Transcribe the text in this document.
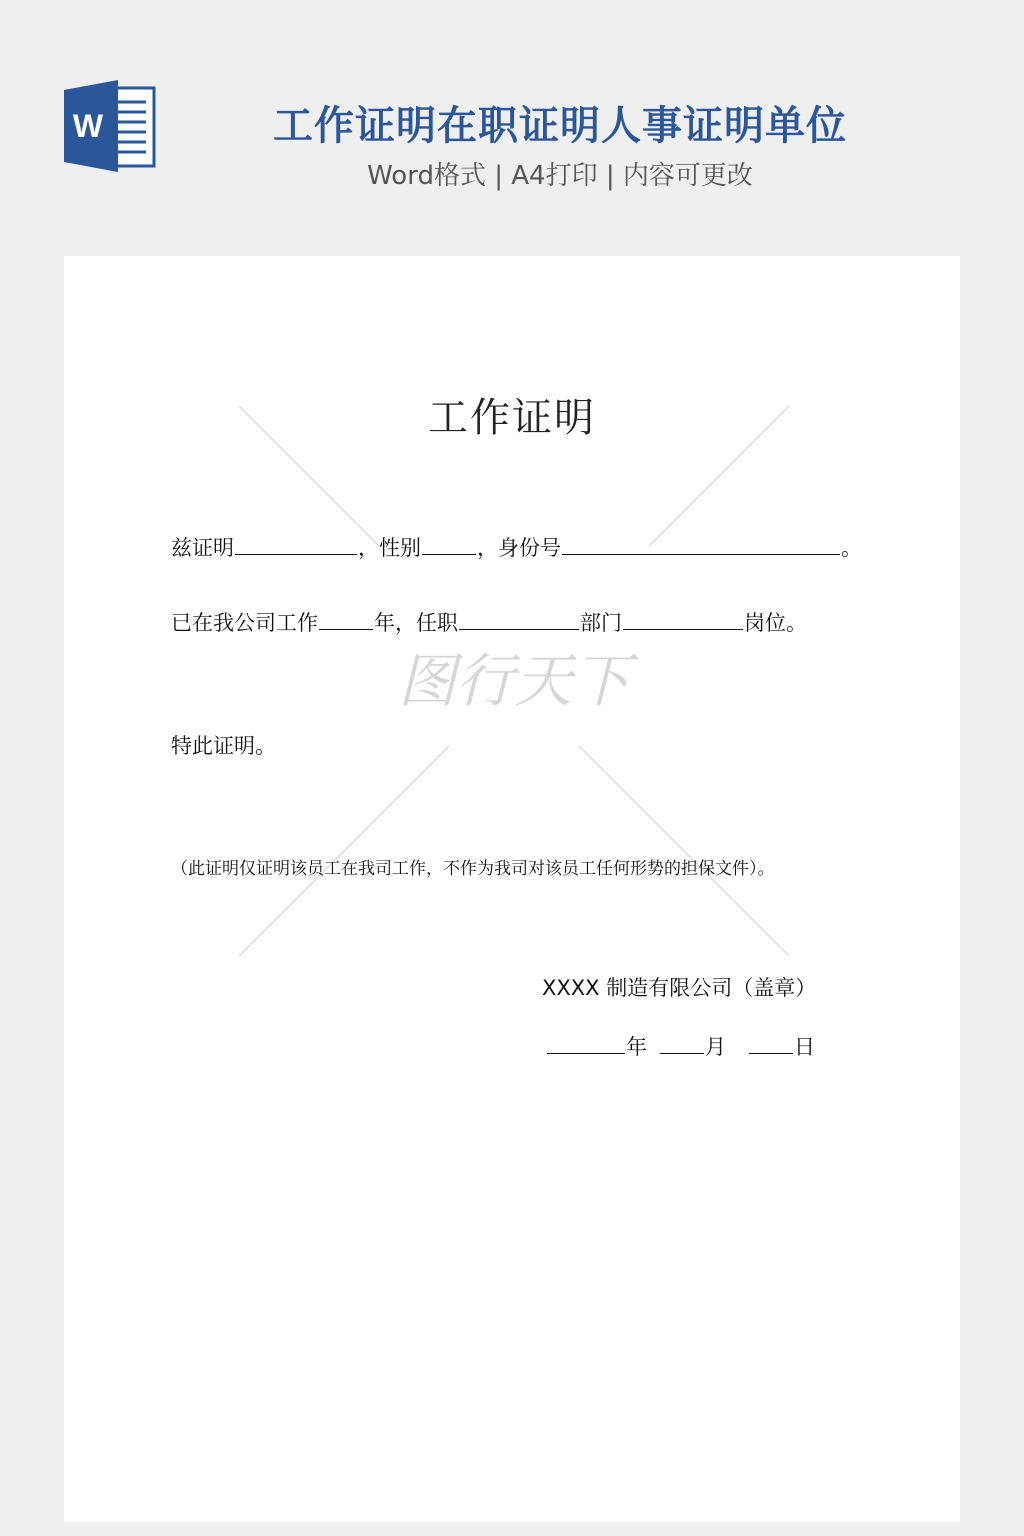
W	工作证明在职证明人事证明单位
Word格式 | A4打印 | 内容可更改
图行天下
工作证明
兹证明	，性别	，身份号	。
已在我公司工作	年，任职	部门	岗位。
特此证明。
（此证明仅证明该员工在我司工作，不作为我司对该员工任何形势的担保文件）。
XXXX 制造有限公司（盖章）
年	月	日
